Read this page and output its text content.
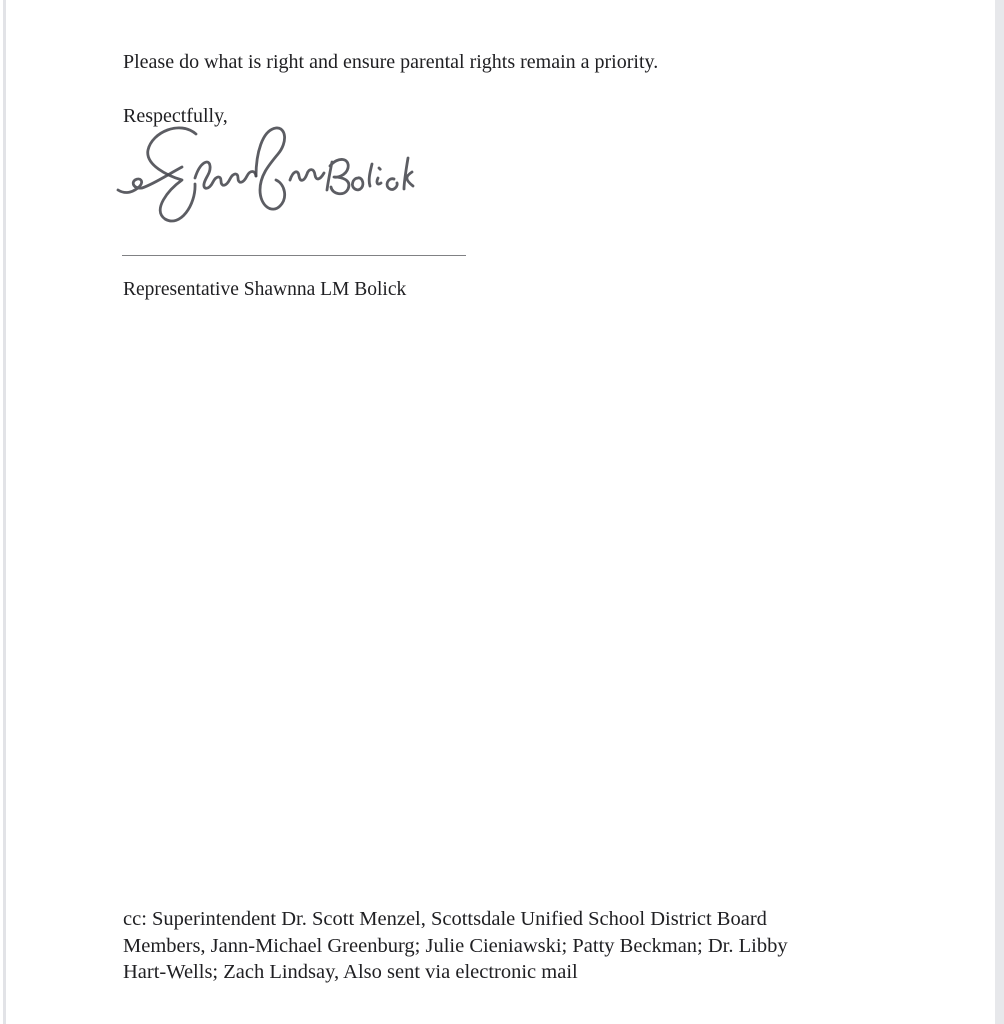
Please do what is right and ensure parental rights remain a priority.

Respectfully,

Representative Shawnna LM Bolick

cc: Superintendent Dr. Scott Menzel, Scottsdale Unified School District Board
Members, Jann-Michael Greenburg; Julie Cieniawski; Patty Beckman; Dr. Libby
Hart-Wells; Zach Lindsay, Also sent via electronic mail
